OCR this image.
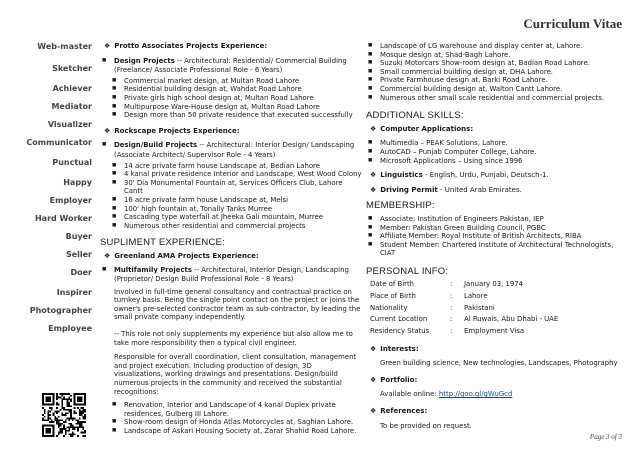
Curriculum Vitae
Web-master
Sketcher
Achiever
Mediator
Visualizer
Communicator
Punctual
Happy
Employer
Hard Worker
Buyer
Seller
Doer
Inspirer
Photographer
Employee
❖ Protto Associates Projects Experience:
■ Design Projects -- Architectural: Residential/ Commercial Building
(Freelance/ Associate Professional Role - 6 Years)
■ Commercial market design, at Multan Road Lahore
■ Residential building design at, Wahdat Road Lahore
■ Private girls high school design at, Multan Road Lahore
■ Multipurpose Ware-House design at, Multan Road Lahore
■ Design more than 50 private residence that executed successfully
❖ Rockscape Projects Experience:
■ Design/Build Projects -- Architectural: Interior Design/ Landscaping
(Associate Architect/ Supervisor Role - 4 Years)
■ 14 acre private farm house Landscape at, Bedian Lahore
■ 4 kanal private residence Interior and Landscape, West Wood Colony
■ 30' Dia Monumental Fountain at, Services Officers Club, Lahore Cantt
■ 16 acre private farm house Landscape at, Melsi
■ 100' high fountain at, Tonally Tanks Murree
■ Cascading type waterfall at Jheeka Gali mountain, Murree
■ Numerous other residential and commercial projects
SUPLIMENT EXPERIENCE:
❖ Greenland AMA Projects Experience:
■ Multifamily Projects -- Architectural, Interior Design, Landscaping
(Proprietor/ Design Build Professional Role - 8 Years)
Involved in full-time general consultancy and contractual practice on turnkey basis. Being the single point contact on the project or joins the owner's pre-selected contractor team as sub-contractor, by leading the small private company independently.
-- This role not only supplements my experience but also allow me to take more responsibility then a typical civil engineer.
Responsible for overall coordination, client consultation, management and project execution. Including production of design, 3D visualizations, working drawings and presentations. Design/build numerous projects in the community and received the substantial recognitions:
■ Renovation, Interior and Landscape of 4 kanal Duplex private residences, Gulberg III Lahore.
■ Show-room design of Honda Atlas Motorcycles at, Saghian Lahore.
■ Landscape of Askari Housing Society at, Zarar Shahid Road Lahore.
■ Landscape of LG warehouse and display center at, Lahore.
■ Mosque design at, Shad-Bagh Lahore.
■ Suzuki Motorcars Show-room design at, Badian Road Lahore.
■ Small commercial building design at, DHA Lahore.
■ Private Farmhouse design at, Barki Road Lahore.
■ Commercial building design at, Walton Cantt Lahore.
■ Numerous other small scale residential and commercial projects.
ADDITIONAL SKILLS:
❖ Computer Applications:
■ Multimedia – PEAK Solutions, Lahore.
■ AutoCAD – Punjab Computer College, Lahore.
■ Microsoft Applications – Using since 1996
❖ Linguistics - English, Urdu, Punjabi, Deutsch-1.
❖ Driving Permit - United Arab Emirates.
MEMBERSHIP:
■ Associate: Institution of Engineers Pakistan, IEP
■ Member: Pakistan Green Building Council, PGBC
■ Affiliate Member: Royal Institute of British Architects, RIBA
■ Student Member: Chartered Institute of Architectural Technologists, CIAT
PERSONAL INFO:
Date of Birth	:	January 03, 1974
Place of Birth	:	Lahore
Nationality	:	Pakistani
Current Location	:	Al Ruwais, Abu Dhabi - UAE
Residency Status	:	Employment Visa
❖ Interests:
Green building science, New technologies, Landscapes, Photography
❖ Portfolio:
Available online: http://goo.gl/gWuGcd
❖ References:
To be provided on request.
Page 3 of 3
